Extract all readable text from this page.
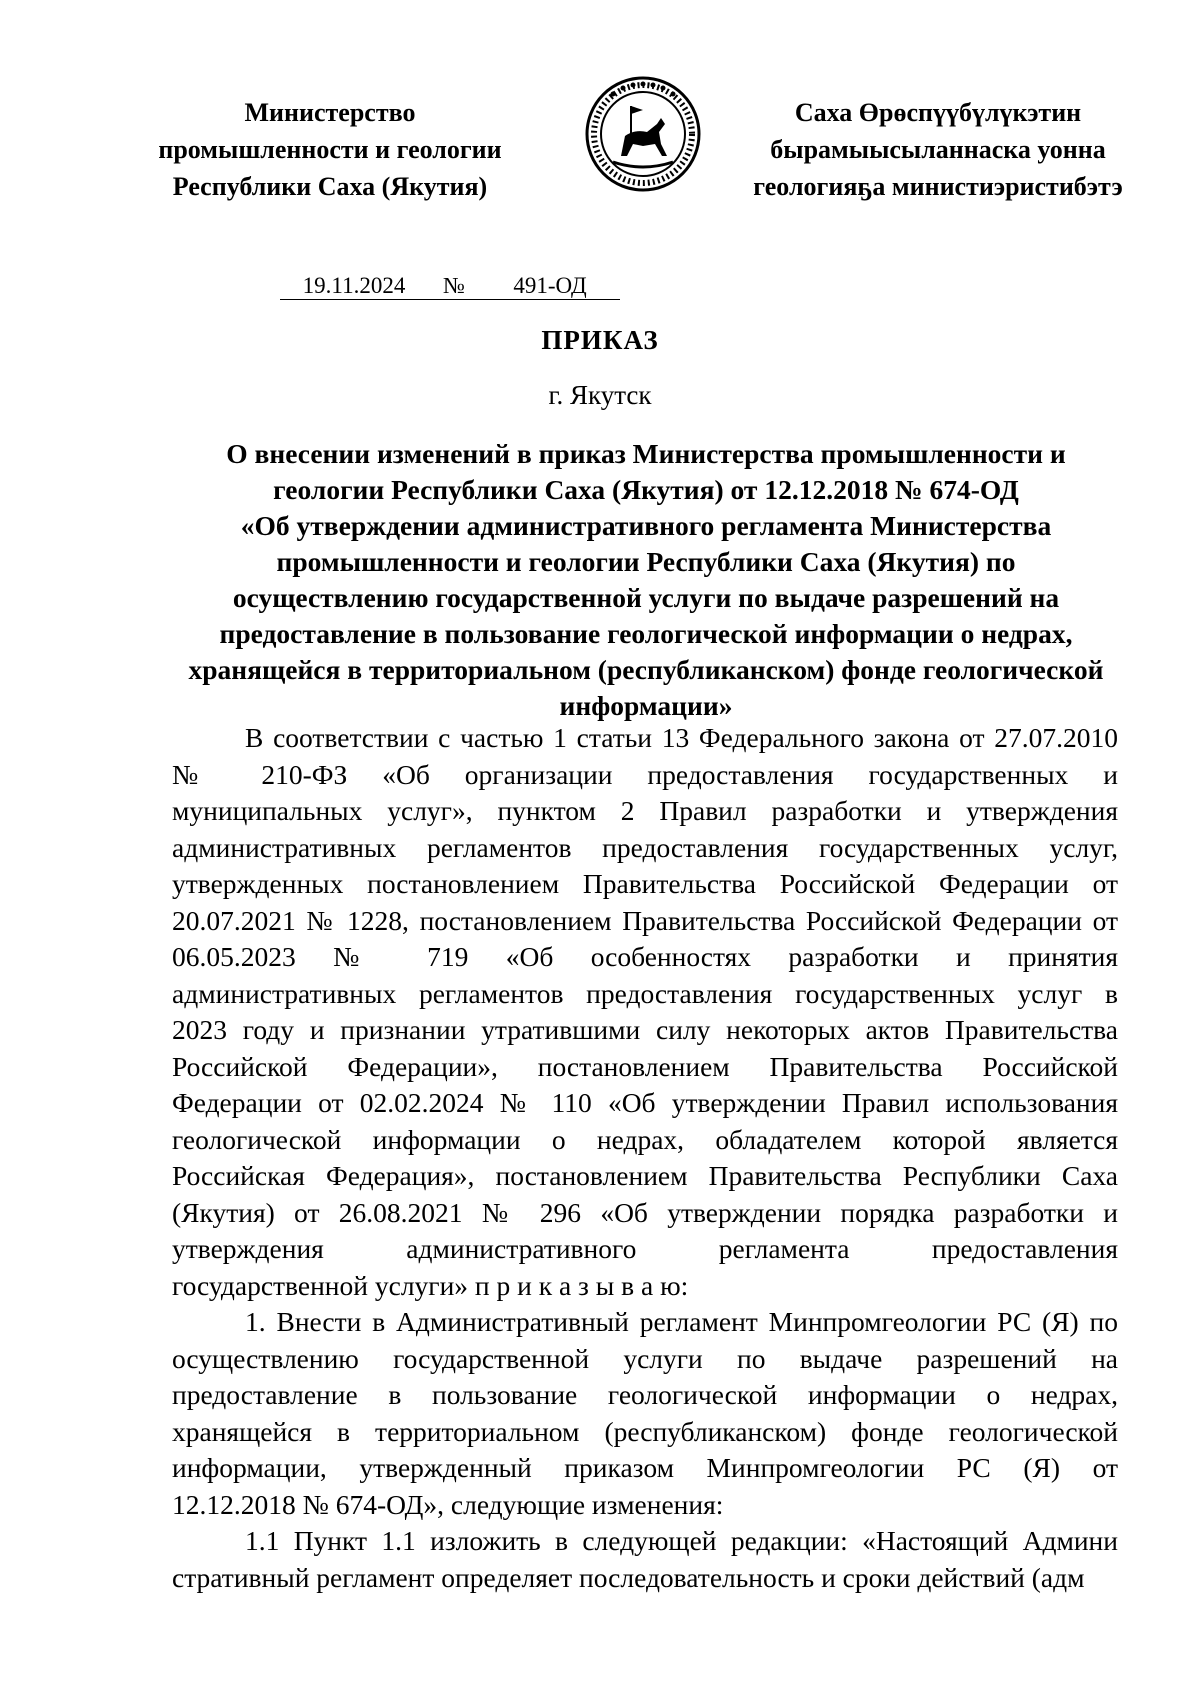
Министерство
промышленности и геологии
Республики Саха (Якутия)
Саха Өрөспүүбүлүкэтин
бырамыысыланнаска уонна
геологияҕа министиэристибэтэ
19.11.2024 № 491-ОД
ПРИКАЗ
г. Якутск
О внесении изменений в приказ Министерства промышленности и
геологии Республики Саха (Якутия) от 12.12.2018 № 674-ОД
«Об утверждении административного регламента Министерства
промышленности и геологии Республики Саха (Якутия) по
осуществлению государственной услуги по выдаче разрешений на
предоставление в пользование геологической информации о недрах,
хранящейся в территориальном (республиканском) фонде геологической
информации»
В соответствии с частью 1 статьи 13 Федерального закона от 27.07.2010
№ 210-ФЗ «Об организации предоставления государственных и
муниципальных услуг», пунктом 2 Правил разработки и утверждения
административных регламентов предоставления государственных услуг,
утвержденных постановлением Правительства Российской Федерации от
20.07.2021 № 1228, постановлением Правительства Российской Федерации от
06.05.2023 № 719 «Об особенностях разработки и принятия
административных регламентов предоставления государственных услуг в
2023 году и признании утратившими силу некоторых актов Правительства
Российской Федерации», постановлением Правительства Российской
Федерации от 02.02.2024 № 110 «Об утверждении Правил использования
геологической информации о недрах, обладателем которой является
Российская Федерация», постановлением Правительства Республики Саха
(Якутия) от 26.08.2021 № 296 «Об утверждении порядка разработки и
утверждения административного регламента предоставления
государственной услуги» п р и к а з ы в а ю:
1. Внести в Административный регламент Минпромгеологии РС (Я) по
осуществлению государственной услуги по выдаче разрешений на
предоставление в пользование геологической информации о недрах,
хранящейся в территориальном (республиканском) фонде геологической
информации, утвержденный приказом Минпромгеологии РС (Я) от
12.12.2018 № 674-ОД», следующие изменения:
1.1 Пункт 1.1 изложить в следующей редакции: «Настоящий Админи
стративный регламент определяет последовательность и сроки действий (адм
